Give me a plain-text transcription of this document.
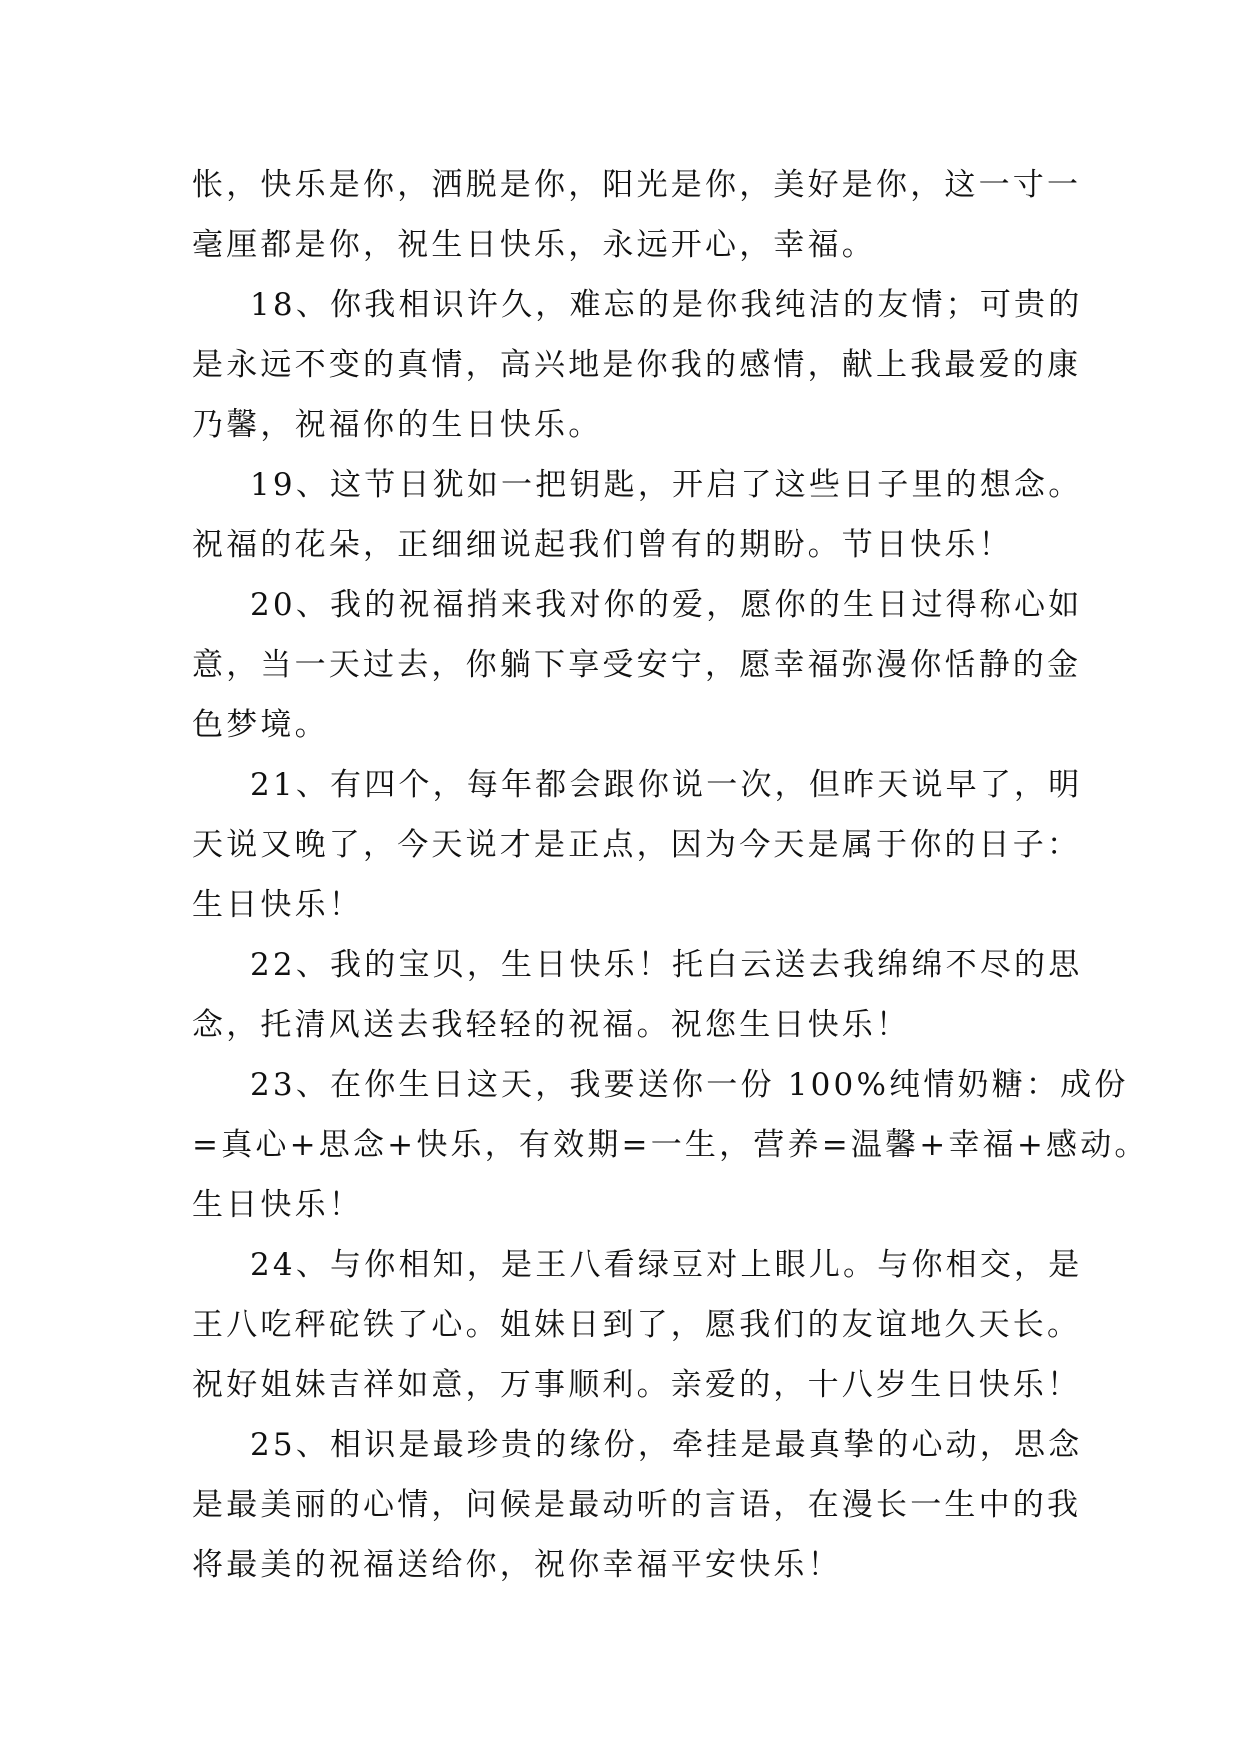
怅，快乐是你，洒脱是你，阳光是你，美好是你，这一寸一
毫厘都是你，祝生日快乐，永远开心，幸福。
18、你我相识许久，难忘的是你我纯洁的友情；可贵的
是永远不变的真情，高兴地是你我的感情，献上我最爱的康
乃馨，祝福你的生日快乐。
19、这节日犹如一把钥匙，开启了这些日子里的想念。
祝福的花朵，正细细说起我们曾有的期盼。节日快乐！
20、我的祝福捎来我对你的爱，愿你的生日过得称心如
意，当一天过去，你躺下享受安宁，愿幸福弥漫你恬静的金
色梦境。
21、有四个，每年都会跟你说一次，但昨天说早了，明
天说又晚了，今天说才是正点，因为今天是属于你的日子：
生日快乐！
22、我的宝贝，生日快乐！托白云送去我绵绵不尽的思
念，托清风送去我轻轻的祝福。祝您生日快乐！
23、在你生日这天，我要送你一份 100%纯情奶糖：成份
=真心+思念+快乐，有效期=一生，营养=温馨+幸福+感动。
生日快乐！
24、与你相知，是王八看绿豆对上眼儿。与你相交，是
王八吃秤砣铁了心。姐妹日到了，愿我们的友谊地久天长。
祝好姐妹吉祥如意，万事顺利。亲爱的，十八岁生日快乐！
25、相识是最珍贵的缘份，牵挂是最真挚的心动，思念
是最美丽的心情，问候是最动听的言语，在漫长一生中的我
将最美的祝福送给你，祝你幸福平安快乐！
